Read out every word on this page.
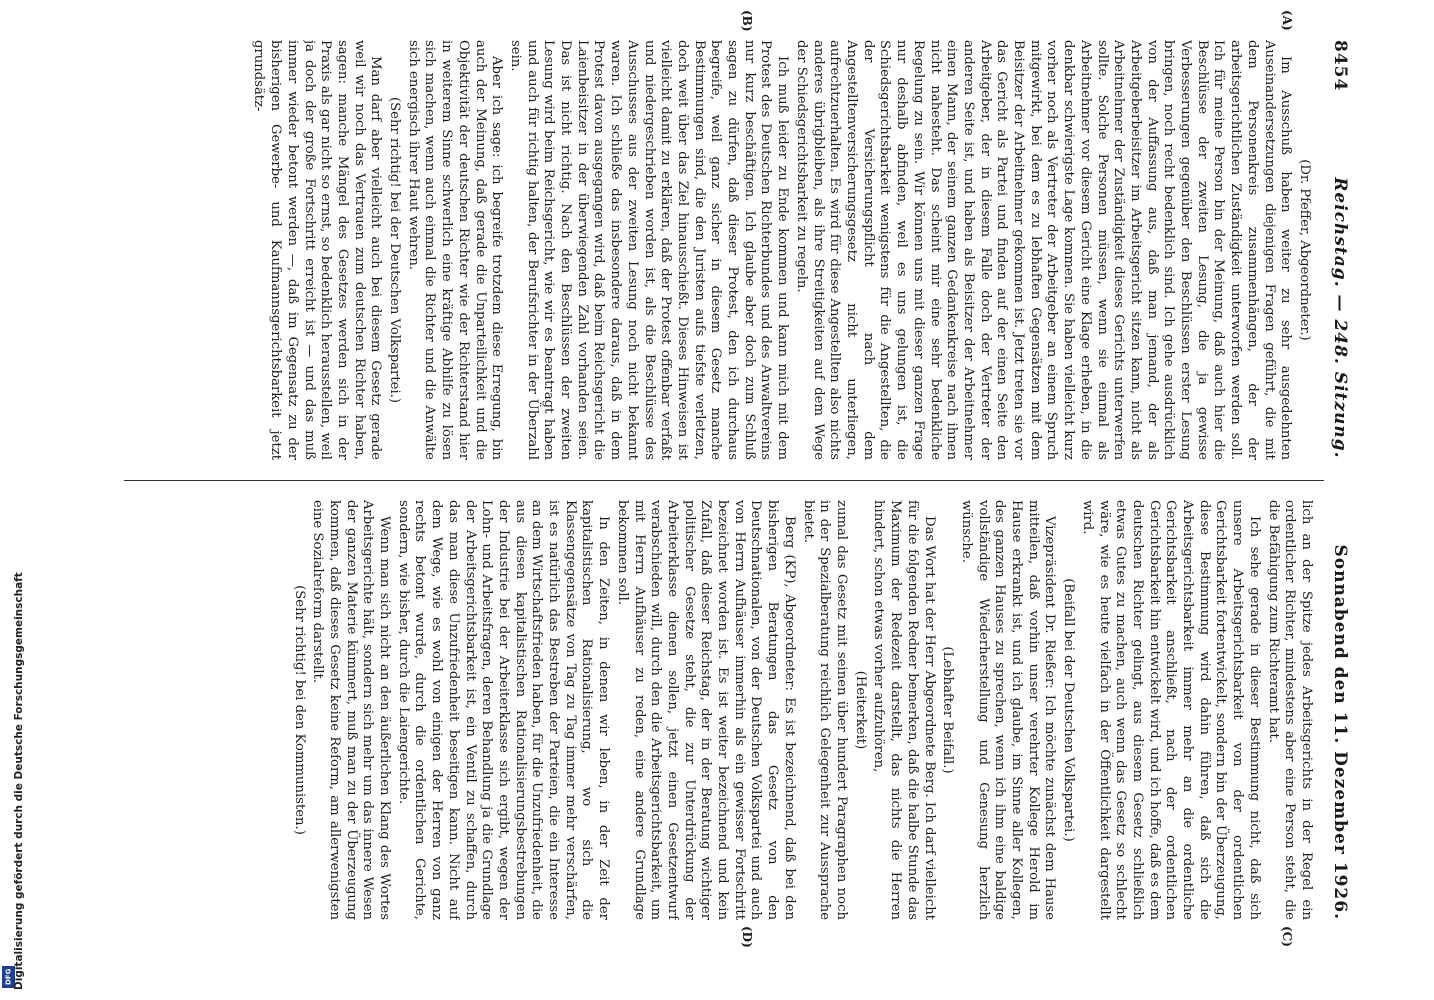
DFG Digitalisierung gefördert durch die Deutsche Forschungsgemeinschaft
8454
Reichstag. — 248. Sitzung.
Sonnabend den 11. Dezember 1926.
(A)
(B)
(C)
(D)

(Dr. Pfeffer, Abgeordneter.)

Im Ausschuß haben weiter zu sehr ausgedehnten Auseinandersetzungen diejenigen Fragen geführt, die mit dem Personenkreis zusammenhängen, der der arbeitsgerichtlichen Zuständigkeit unterworfen werden soll. Ich für meine Person bin der Meinung, daß auch hier die Beschlüsse der zweiten Lesung, die ja gewisse Verbesserungen gegenüber den Beschlüssen erster Lesung bringen, noch recht bedenklich sind. Ich gehe ausdrücklich von der Auffassung aus, daß man jemand, der als Arbeitgeberbeisitzer im Arbeitsgericht sitzen kann, nicht als Arbeitnehmer der Zuständigkeit dieses Gerichts unterwerfen sollte. Solche Personen müssen, wenn sie einmal als Arbeitnehmer vor diesem Gericht eine Klage erheben, in die denkbar schwierigste Lage kommen. Sie haben vielleicht kurz vorher noch als Vertreter der Arbeitgeber an einem Spruch mitgewirkt, bei dem es zu lebhaften Gegensätzen mit dem Beisitzer der Arbeitnehmer gekommen ist. Jetzt treten sie vor das Gericht als Partei und finden auf der einen Seite den Arbeitgeber, der in diesem Falle doch der Vertreter der anderen Seite ist, und haben als Beisitzer der Arbeitnehmer einen Mann, der seinem ganzen Gedankenkreise nach ihnen nicht nahesteht. Das scheint mir eine sehr bedenkliche Regelung zu sein. Wir können uns mit dieser ganzen Frage nur deshalb abfinden, weil es uns gelungen ist, die Schiedsgerichtsbarkeit wenigstens für die Angestellten, die der Versicherungspflicht nach dem Angestelltenversicherungsgesetz nicht unterliegen, aufrechtzuerhalten. Es wird für diese Angestellten also nichts anderes übrigbleiben, als ihre Streitigkeiten auf dem Wege der Schiedsgerichtsbarkeit zu regeln.

Ich muß leider zu Ende kommen und kann mich mit dem Protest des Deutschen Richterbundes und des Anwaltvereins nur kurz beschäftigen. Ich glaube aber doch zum Schluß sagen zu dürfen, daß dieser Protest, den ich durchaus begreife, weil ganz sicher in diesem Gesetz manche Bestimmungen sind, die den Juristen aufs tiefste verletzen, doch weit über das Ziel hinausschießt. Dieses Hinweisen ist vielleicht damit zu erklären, daß der Protest offenbar verfaßt und niedergeschrieben worden ist, als die Beschlüsse des Ausschusses aus der zweiten Lesung noch nicht bekannt waren. Ich schließe das insbesondere daraus, daß in dem Protest davon ausgegangen wird, daß beim Reichsgericht die Laienbeisitzer in der überwiegenden Zahl vorhanden seien. Das ist nicht richtig. Nach den Beschlüssen der zweiten Lesung wird beim Reichsgericht, wie wir es beantragt haben und auch für richtig halten, der Berufsrichter in der Überzahl sein.

Aber ich sage: ich begreife trotzdem diese Erregung, bin auch der Meinung, daß gerade die Unparteilichkeit und die Objektivität der deutschen Richter wie der Richterstand hier in weiterem Sinne schwerlich eine kräftige Abhilfe zu lösen sich machen, wenn auch einmal die Richter und die Anwälte sich energisch ihrer Haut wehren.

(Sehr richtig! bei der Deutschen Volkspartei.)

Man darf aber vielleicht auch bei diesem Gesetz gerade weil wir noch das Vertrauen zum deutschen Richter haben, sagen: manche Mängel des Gesetzes werden sich in der Praxis als gar nicht so ernst, so bedenklich herausstellen, weil ja doch der große Fortschritt erreicht ist — und das muß immer wieder betont werden —, daß im Gegensatz zu der bisherigen Gewerbe- und Kaufmannsgerichtsbarkeit jetzt grundsätz-

lich an der Spitze jedes Arbeitsgerichts in der Regel ein ordentlicher Richter, mindestens aber eine Person steht, die die Befähigung zum Richteramt hat.

Ich sehe gerade in dieser Bestimmung nicht, daß sich unsere Arbeitsgerichtsbarkeit von der ordentlichen Gerichtsbarkeit fortentwickelt, sondern bin der Überzeugung, diese Bestimmung wird dahin führen, daß sich die Arbeitsgerichtsbarkeit immer mehr an die ordentliche Gerichtsbarkeit anschließt, nach der ordentlichen Gerichtsbarkeit hin entwickelt wird, und ich hoffe, daß es dem deutschen Richter gelingt, aus diesem Gesetz schließlich etwas Gutes zu machen, auch wenn das Gesetz so schlecht wäre, wie es heute vielfach in der Öffentlichkeit dargestellt wird.

(Beifall bei der Deutschen Volkspartei.)

Vizepräsident Dr. Rießer: Ich möchte zunächst dem Hause mitteilen, daß vorhin unser verehrter Kollege Herold im Hause erkrankt ist, und ich glaube, im Sinne aller Kollegen, des ganzen Hauses zu sprechen, wenn ich ihm eine baldige vollständige Wiederherstellung und Genesung herzlich wünsche.

(Lebhafter Beifall.)

Das Wort hat der Herr Abgeordnete Berg. Ich darf vielleicht für die folgenden Redner bemerken, daß die halbe Stunde das Maximum der Redezeit darstellt, das nichts die Herren hindert, schon etwas vorher aufzuhören,

(Heiterkeit)

zumal das Gesetz mit seinen über hundert Paragraphen noch in der Spezialberatung reichlich Gelegenheit zur Aussprache bietet.

Berg (KP), Abgeordneter: Es ist bezeichnend, daß bei den bisherigen Beratungen das Gesetz von den Deutschnationalen, von der Deutschen Volkspartei und auch von Herrn Aufhäuser immerhin als ein gewisser Fortschritt bezeichnet worden ist. Es ist weiter bezeichnend und kein Zufall, daß dieser Reichstag, der in der Beratung wichtiger politischer Gesetze steht, die zur Unterdrückung der Arbeiterklasse dienen sollen, jetzt einen Gesetzentwurf verabschieden will, durch den die Arbeitsgerichtsbarkeit, um mit Herrn Aufhäuser zu reden, eine andere Grundlage bekommen soll.

In den Zeiten, in denen wir leben, in der Zeit der kapitalistischen Rationalisierung, wo sich die Klassengegensätze von Tag zu Tag immer mehr verschärfen, ist es natürlich das Bestreben der Parteien, die ein Interesse an dem Wirtschaftsfrieden haben, für die Unzufriedenheit, die aus diesen kapitalistischen Rationalisierungsbestrebungen der Industrie bei der Arbeiterklasse sich ergibt, wegen der Lohn- und Arbeitsfragen, deren Behandlung ja die Grundlage der Arbeitsgerichtsbarkeit ist, ein Ventil zu schaffen, durch das man diese Unzufriedenheit beseitigen kann. Nicht auf dem Wege, wie es wohl von einigen der Herren von ganz rechts betont wurde, durch die ordentlichen Gerichte, sondern, wie bisher, durch die Laiengerichte.

Wenn man sich nicht an den äußerlichen Klang des Wortes Arbeitsgerichte hält, sondern sich mehr um das innere Wesen der ganzen Materie kümmert, muß man zu der Überzeugung kommen, daß dieses Gesetz keine Reform, am allerwenigsten eine Sozialreform darstellt.

(Sehr richtig! bei den Kommunisten.)
